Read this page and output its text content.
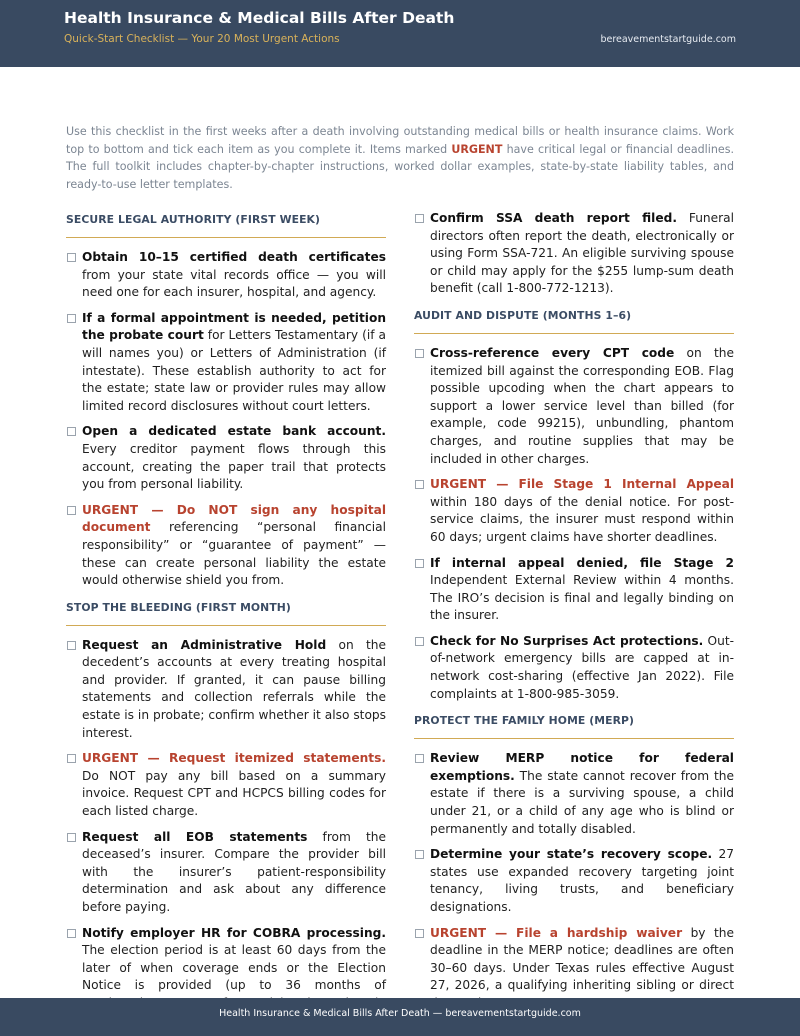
Health Insurance & Medical Bills After Death
Quick-Start Checklist — Your 20 Most Urgent Actions	bereavementstartguide.com
Use this checklist in the first weeks after a death involving outstanding medical bills or health insurance claims. Work top to bottom and tick each item as you complete it. Items marked URGENT have critical legal or financial deadlines. The full toolkit includes chapter-by-chapter instructions, worked dollar examples, state-by-state liability tables, and ready-to-use letter templates.
SECURE LEGAL AUTHORITY (FIRST WEEK)

Obtain 10–15 certified death certificates from your state vital records office — you will need one for each insurer, hospital, and agency.

If a formal appointment is needed, petition the probate court for Letters Testamentary (if a will names you) or Letters of Administration (if intestate). These establish authority to act for the estate; state law or provider rules may allow limited record disclosures without court letters.

Open a dedicated estate bank account. Every creditor payment flows through this account, creating the paper trail that protects you from personal liability.

URGENT — Do NOT sign any hospital document referencing “personal financial responsibility” or “guarantee of payment” — these can create personal liability the estate would otherwise shield you from.

STOP THE BLEEDING (FIRST MONTH)

Request an Administrative Hold on the decedent’s accounts at every treating hospital and provider. If granted, it can pause billing statements and collection referrals while the estate is in probate; confirm whether it also stops interest.

URGENT — Request itemized statements. Do NOT pay any bill based on a summary invoice. Request CPT and HCPCS billing codes for each listed charge.

Request all EOB statements from the deceased’s insurer. Compare the provider bill with the insurer’s patient-responsibility determination and ask about any difference before paying.

Notify employer HR for COBRA processing. The election period is at least 60 days from the later of when coverage ends or the Election Notice is provided (up to 36 months of

Confirm SSA death report filed. Funeral directors often report the death, electronically or using Form SSA-721. An eligible surviving spouse or child may apply for the $255 lump-sum death benefit (call 1-800-772-1213).

AUDIT AND DISPUTE (MONTHS 1–6)

Cross-reference every CPT code on the itemized bill against the corresponding EOB. Flag possible upcoding when the chart appears to support a lower service level than billed (for example, code 99215), unbundling, phantom charges, and routine supplies that may be included in other charges.

URGENT — File Stage 1 Internal Appeal within 180 days of the denial notice. For post-service claims, the insurer must respond within 60 days; urgent claims have shorter deadlines.

If internal appeal denied, file Stage 2 Independent External Review within 4 months. The IRO’s decision is final and legally binding on the insurer.

Check for No Surprises Act protections. Out-of-network emergency bills are capped at in-network cost-sharing (effective Jan 2022). File complaints at 1-800-985-3059.

PROTECT THE FAMILY HOME (MERP)

Review MERP notice for federal exemptions. The state cannot recover from the estate if there is a surviving spouse, a child under 21, or a child of any age who is blind or permanently and totally disabled.

Determine your state’s recovery scope. 27 states use expanded recovery targeting joint tenancy, living trusts, and beneficiary designations.

URGENT — File a hardship waiver by the deadline in the MERP notice; deadlines are often 30–60 days. Under Texas rules effective August 27, 2026, a qualifying inheriting sibling or direct

Health Insurance & Medical Bills After Death — bereavementstartguide.com
